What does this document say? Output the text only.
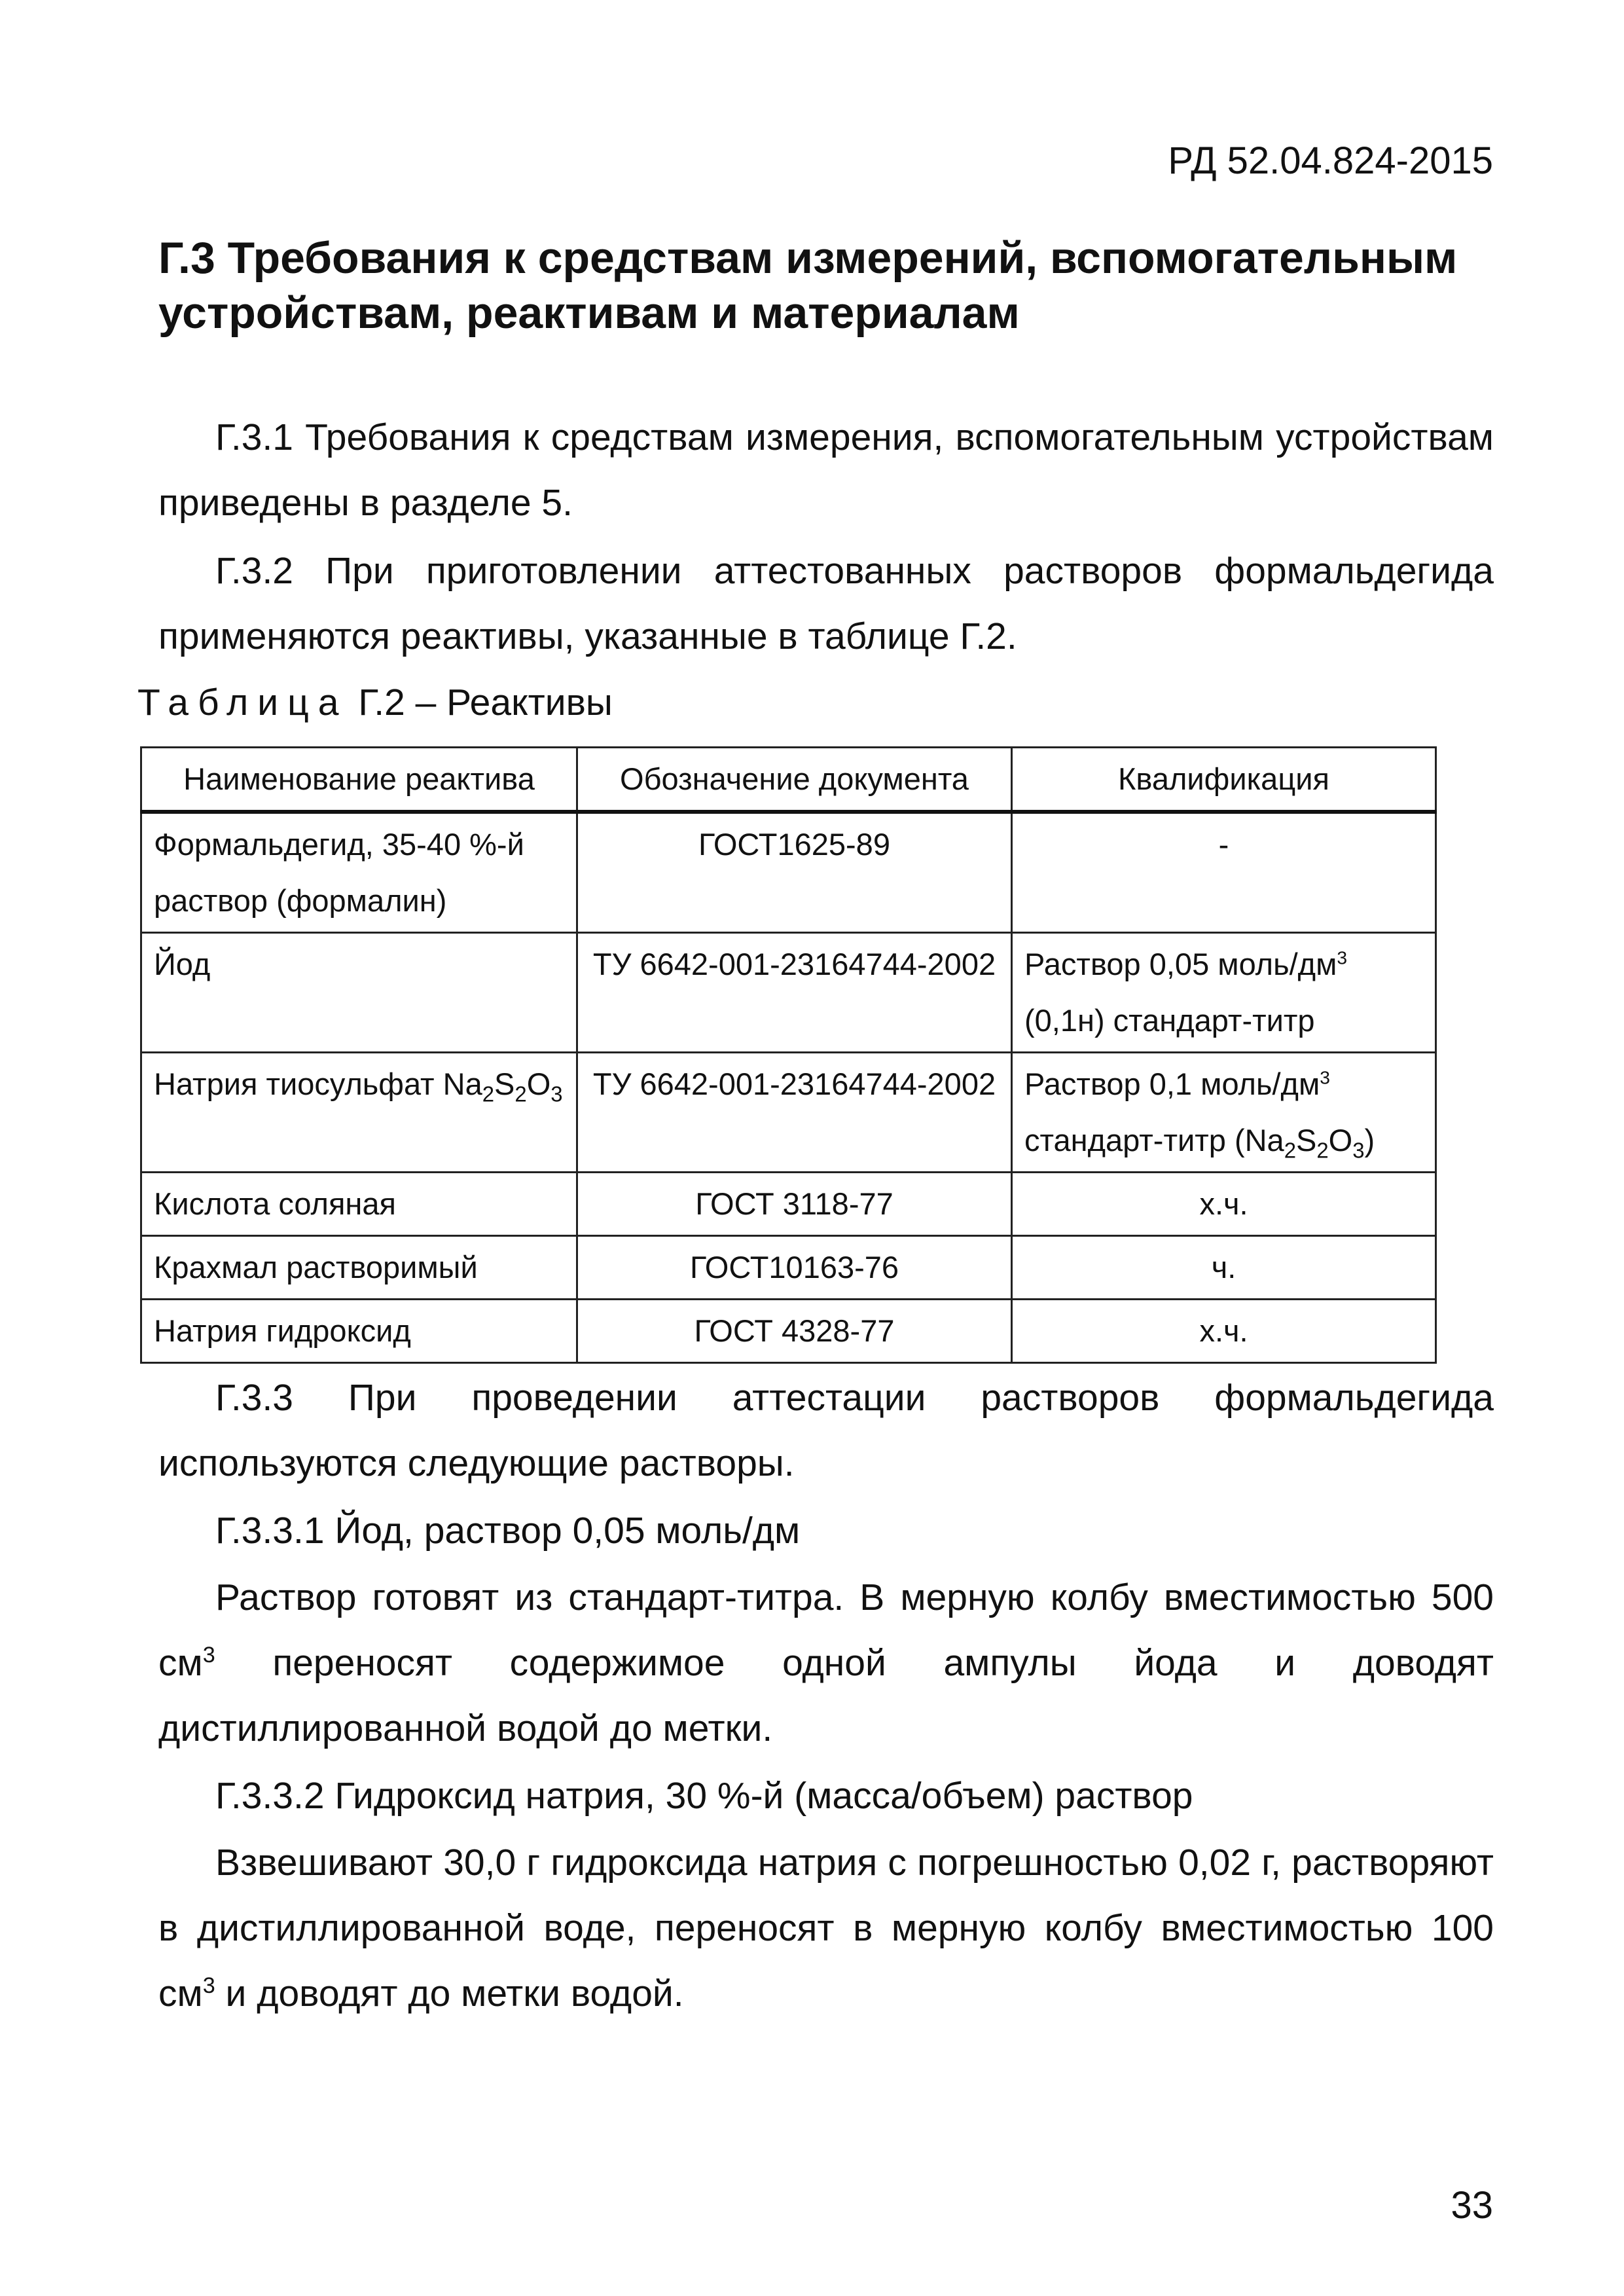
РД 52.04.824-2015
Г.3 Требования к средствам измерений, вспомогательным
устройствам, реактивам и материалам
Г.3.1 Требования к средствам измерения, вспомогательным устройствам приведены в разделе 5.
Г.3.2 При приготовлении аттестованных растворов формальдегида применяются реактивы, указанные в таблице Г.2.
Таблица Г.2 – Реактивы
Наименование реактива	Обозначение документа	Квалификация
Формальдегид, 35-40 %-й раствор (формалин)	ГОСТ1625-89	-
Йод	ТУ 6642-001-23164744-2002	Раствор 0,05 моль/$дм^3$ (0,1н) стандарт-титр
Натрия тиосульфат $Na_2S_2O_3$	ТУ 6642-001-23164744-2002	Раствор 0,1 моль/$дм^3$ стандарт-титр $(Na_2S_2O_3)$
Кислота соляная	ГОСТ 3118-77	х.ч.
Крахмал растворимый	ГОСТ10163-76	ч.
Натрия гидроксид	ГОСТ 4328-77	х.ч.
Г.3.3 При проведении аттестации растворов формальдегида используются следующие растворы.
Г.3.3.1 Йод, раствор 0,05 моль/дм
Раствор готовят из стандарт-титра. В мерную колбу вместимостью 500 $см^3$ переносят содержимое одной ампулы йода и доводят дистиллированной водой до метки.
Г.3.3.2 Гидроксид натрия, 30 %-й (масса/объем) раствор
Взвешивают 30,0 г гидроксида натрия с погрешностью 0,02 г, растворяют в дистиллированной воде, переносят в мерную колбу вместимостью 100 $см^3$ и доводят до метки водой.
33
